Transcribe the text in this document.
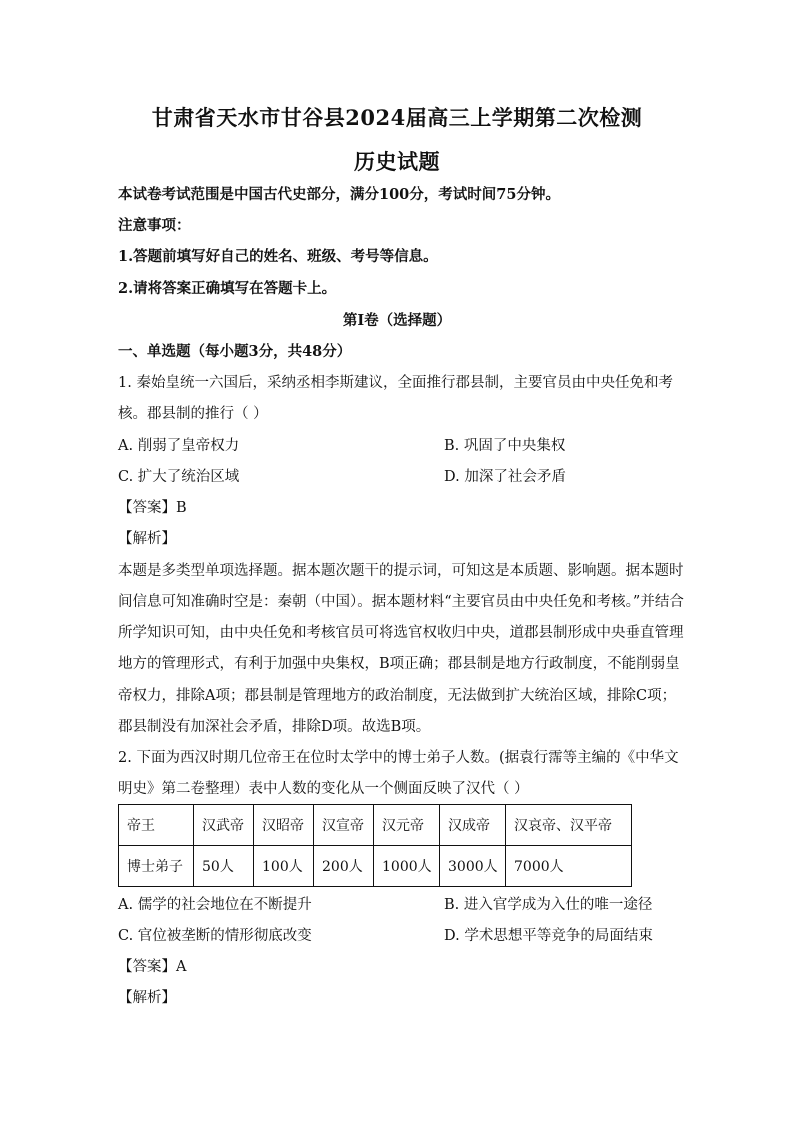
甘肃省天水市甘谷县2024届高三上学期第二次检测
历史试题
本试卷考试范围是中国古代史部分，满分100分，考试时间75分钟。
注意事项：
1.答题前填写好自己的姓名、班级、考号等信息。
2.请将答案正确填写在答题卡上。
第I卷（选择题）
一、单选题（每小题3分，共48分）
1. 秦始皇统一六国后，采纳丞相李斯建议，全面推行郡县制，主要官员由中央任免和考
核。郡县制的推行（ ）
A. 削弱了皇帝权力	B. 巩固了中央集权
C. 扩大了统治区域	D. 加深了社会矛盾
【答案】B
【解析】
本题是多类型单项选择题。据本题次题干的提示词，可知这是本质题、影响题。据本题时
间信息可知准确时空是：秦朝（中国）。据本题材料“主要官员由中央任免和考核。”并结合
所学知识可知，由中央任免和考核官员可将选官权收归中央，道郡县制形成中央垂直管理
地方的管理形式，有利于加强中央集权，B项正确；郡县制是地方行政制度，不能削弱皇
帝权力，排除A项；郡县制是管理地方的政治制度，无法做到扩大统治区域，排除C项；
郡县制没有加深社会矛盾，排除D项。故选B项。
2. 下面为西汉时期几位帝王在位时太学中的博士弟子人数。(据袁行霈等主编的《中华文
明史》第二卷整理）表中人数的变化从一个侧面反映了汉代（ ）
帝王	汉武帝	汉昭帝	汉宣帝	汉元帝	汉成帝	汉哀帝、汉平帝
博士弟子	50人	100人	200人	1000人	3000人	7000人
A. 儒学的社会地位在不断提升	B. 进入官学成为入仕的唯一途径
C. 官位被垄断的情形彻底改变	D. 学术思想平等竞争的局面结束
【答案】A
【解析】
